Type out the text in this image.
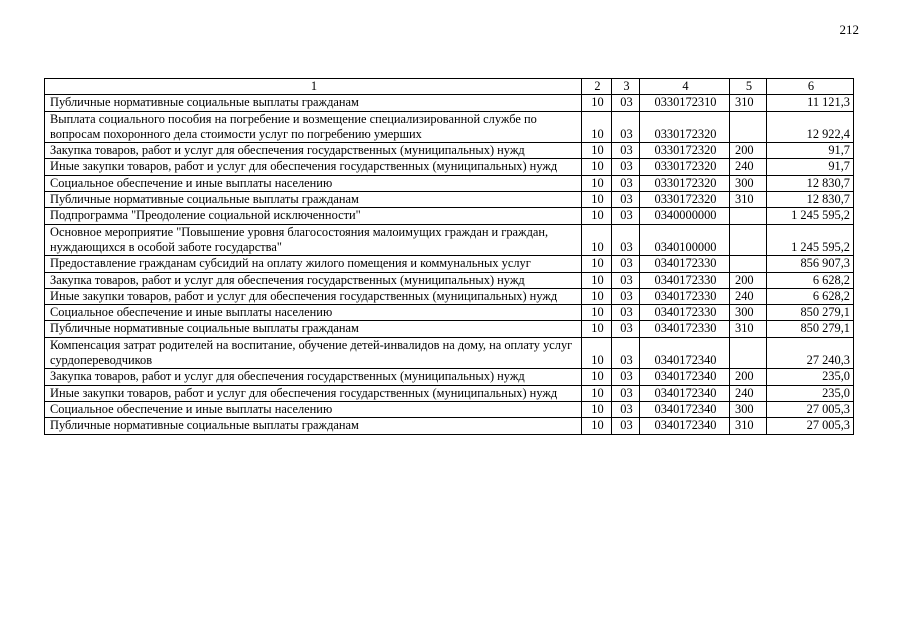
212
1	2	3	4	5	6
Публичные нормативные социальные выплаты гражданам	10	03	0330172310	310	11 121,3
Выплата социального пособия на погребение и возмещение специализированной службе по вопросам похоронного дела стоимости услуг по погребению умерших	10	03	0330172320		12 922,4
Закупка товаров, работ и услуг для обеспечения государственных (муниципальных) нужд	10	03	0330172320	200	91,7
Иные закупки товаров, работ и услуг для обеспечения государственных (муниципальных) нужд	10	03	0330172320	240	91,7
Социальное обеспечение и иные выплаты населению	10	03	0330172320	300	12 830,7
Публичные нормативные социальные выплаты гражданам	10	03	0330172320	310	12 830,7
Подпрограмма "Преодоление социальной исключенности"	10	03	0340000000		1 245 595,2
Основное мероприятие "Повышение уровня благосостояния малоимущих граждан и граждан, нуждающихся в особой заботе государства"	10	03	0340100000		1 245 595,2
Предоставление гражданам субсидий на оплату жилого помещения и коммунальных услуг	10	03	0340172330		856 907,3
Закупка товаров, работ и услуг для обеспечения государственных (муниципальных) нужд	10	03	0340172330	200	6 628,2
Иные закупки товаров, работ и услуг для обеспечения государственных (муниципальных) нужд	10	03	0340172330	240	6 628,2
Социальное обеспечение и иные выплаты населению	10	03	0340172330	300	850 279,1
Публичные нормативные социальные выплаты гражданам	10	03	0340172330	310	850 279,1
Компенсация затрат родителей на воспитание, обучение детей-инвалидов на дому, на оплату услуг сурдопереводчиков	10	03	0340172340		27 240,3
Закупка товаров, работ и услуг для обеспечения государственных (муниципальных) нужд	10	03	0340172340	200	235,0
Иные закупки товаров, работ и услуг для обеспечения государственных (муниципальных) нужд	10	03	0340172340	240	235,0
Социальное обеспечение и иные выплаты населению	10	03	0340172340	300	27 005,3
Публичные нормативные социальные выплаты гражданам	10	03	0340172340	310	27 005,3
